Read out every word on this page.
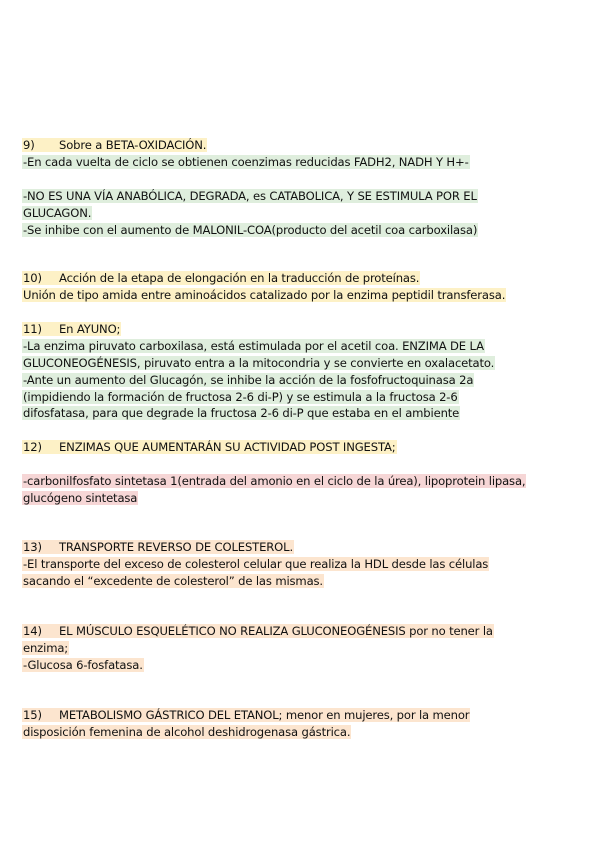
9) Sobre a BETA-OXIDACIÓN.
-En cada vuelta de ciclo se obtienen coenzimas reducidas FADH2, NADH Y H+-
-NO ES UNA VÍA ANABÓLICA, DEGRADA, es CATABOLICA, Y SE ESTIMULA POR EL
GLUCAGON.
-Se inhibe con el aumento de MALONIL-COA(producto del acetil coa carboxilasa)
10) Acción de la etapa de elongación en la traducción de proteínas.
Unión de tipo amida entre aminoácidos catalizado por la enzima peptidil transferasa.
11) En AYUNO;
-La enzima piruvato carboxilasa, está estimulada por el acetil coa. ENZIMA DE LA
GLUCONEOGÉNESIS, piruvato entra a la mitocondria y se convierte en oxalacetato.
-Ante un aumento del Glucagón, se inhibe la acción de la fosfofructoquinasa 2a
(impidiendo la formación de fructosa 2-6 di-P) y se estimula a la fructosa 2-6
difosfatasa, para que degrade la fructosa 2-6 di-P que estaba en el ambiente
12) ENZIMAS QUE AUMENTARÁN SU ACTIVIDAD POST INGESTA;
-carbonilfosfato sintetasa 1(entrada del amonio en el ciclo de la úrea), lipoprotein lipasa,
glucógeno sintetasa
13) TRANSPORTE REVERSO DE COLESTEROL.
-El transporte del exceso de colesterol celular que realiza la HDL desde las células
sacando el “excedente de colesterol” de las mismas.
14) EL MÚSCULO ESQUELÉTICO NO REALIZA GLUCONEOGÉNESIS por no tener la
enzima;
-Glucosa 6-fosfatasa.
15) METABOLISMO GÁSTRICO DEL ETANOL; menor en mujeres, por la menor
disposición femenina de alcohol deshidrogenasa gástrica.
